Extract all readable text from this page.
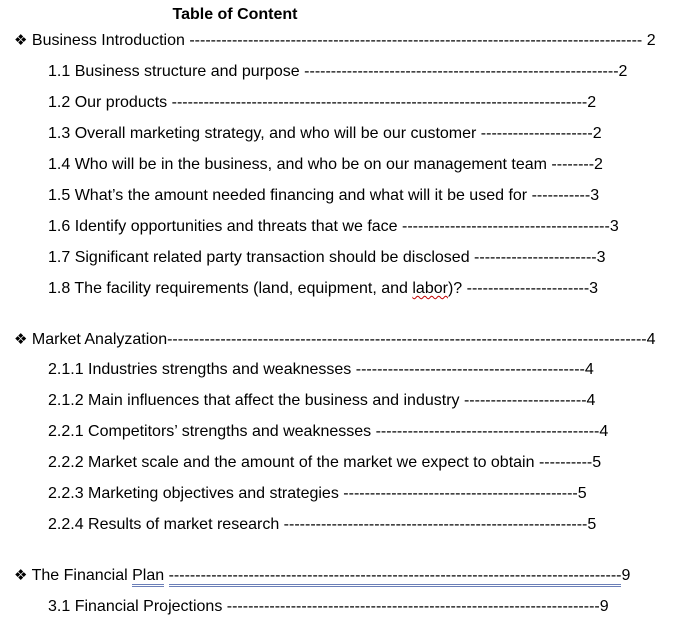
Table of Content
❖ Business Introduction ------------------------------------------------------------------------------------- 2
1.1 Business structure and purpose -----------------------------------------------------------2
1.2 Our products ------------------------------------------------------------------------------2
1.3 Overall marketing strategy, and who will be our customer ---------------------2
1.4 Who will be in the business, and who be on our management team --------2
1.5 What’s the amount needed financing and what will it be used for -----------3
1.6 Identify opportunities and threats that we face ---------------------------------------3
1.7 Significant related party transaction should be disclosed -----------------------3
1.8 The facility requirements (land, equipment, and labor)? -----------------------3
❖ Market Analyzation------------------------------------------------------------------------------------------4
2.1.1 Industries strengths and weaknesses -------------------------------------------4
2.1.2 Main influences that affect the business and industry -----------------------4
2.2.1 Competitors’ strengths and weaknesses ------------------------------------------4
2.2.2 Market scale and the amount of the market we expect to obtain ----------5
2.2.3 Marketing objectives and strategies --------------------------------------------5
2.2.4 Results of market research ---------------------------------------------------------5
❖ The Financial Plan -------------------------------------------------------------------------------------9
3.1 Financial Projections ----------------------------------------------------------------------9
